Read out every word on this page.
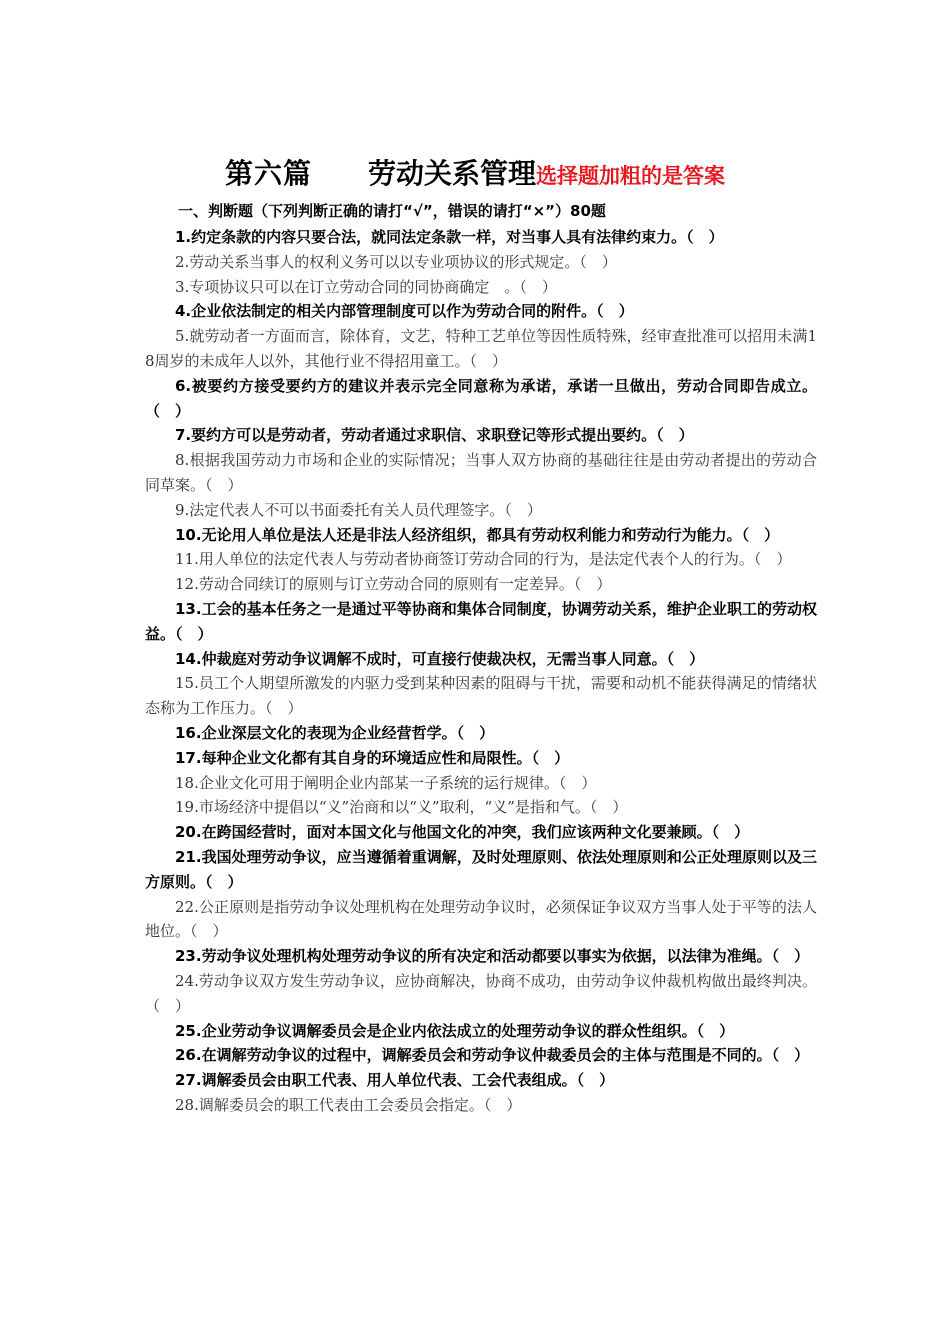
第六篇 劳动关系管理选择题加粗的是答案
一、判断题（下列判断正确的请打“√”，错误的请打“×”）80题

1.约定条款的内容只要合法，就同法定条款一样，对当事人具有法律约束力。（　）

2.劳动关系当事人的权利义务可以以专业项协议的形式规定。（　）

3.专项协议只可以在订立劳动合同的同协商确定　。（　）

4.企业依法制定的相关内部管理制度可以作为劳动合同的附件。（　）

5.就劳动者一方面而言，除体育，文艺，特种工艺单位等因性质特殊，经审查批准可以招用未满18周岁的未成年人以外，其他行业不得招用童工。（　）

6.被要约方接受要约方的建议并表示完全同意称为承诺，承诺一旦做出，劳动合同即告成立。（　）

7.要约方可以是劳动者，劳动者通过求职信、求职登记等形式提出要约。（　）

8.根据我国劳动力市场和企业的实际情况；当事人双方协商的基础往往是由劳动者提出的劳动合同草案。（　）

9.法定代表人不可以书面委托有关人员代理签字。（　）

10.无论用人单位是法人还是非法人经济组织，都具有劳动权利能力和劳动行为能力。（　）

11.用人单位的法定代表人与劳动者协商签订劳动合同的行为，是法定代表个人的行为。（　）

12.劳动合同续订的原则与订立劳动合同的原则有一定差异。（　）

13.工会的基本任务之一是通过平等协商和集体合同制度，协调劳动关系，维护企业职工的劳动权益。（　）

14.仲裁庭对劳动争议调解不成时，可直接行使裁决权，无需当事人同意。（　）

15.员工个人期望所激发的内驱力受到某种因素的阻碍与干扰，需要和动机不能获得满足的情绪状态称为工作压力。（　）

16.企业深层文化的表现为企业经营哲学。（　）

17.每种企业文化都有其自身的环境适应性和局限性。（　）

18.企业文化可用于阐明企业内部某一子系统的运行规律。（　）

19.市场经济中提倡以“义”治商和以“义”取利，“义”是指和气。（　）

20.在跨国经营时，面对本国文化与他国文化的冲突，我们应该两种文化要兼顾。（　）

21.我国处理劳动争议，应当遵循着重调解，及时处理原则、依法处理原则和公正处理原则以及三方原则。（　）

22.公正原则是指劳动争议处理机构在处理劳动争议时，必须保证争议双方当事人处于平等的法人地位。（　）

23.劳动争议处理机构处理劳动争议的所有决定和活动都要以事实为依据，以法律为准绳。（　）

24.劳动争议双方发生劳动争议，应协商解决，协商不成功，由劳动争议仲裁机构做出最终判决。（　）

25.企业劳动争议调解委员会是企业内依法成立的处理劳动争议的群众性组织。（　）

26.在调解劳动争议的过程中，调解委员会和劳动争议仲裁委员会的主体与范围是不同的。（　）

27.调解委员会由职工代表、用人单位代表、工会代表组成。（　）

28.调解委员会的职工代表由工会委员会指定。（　）
